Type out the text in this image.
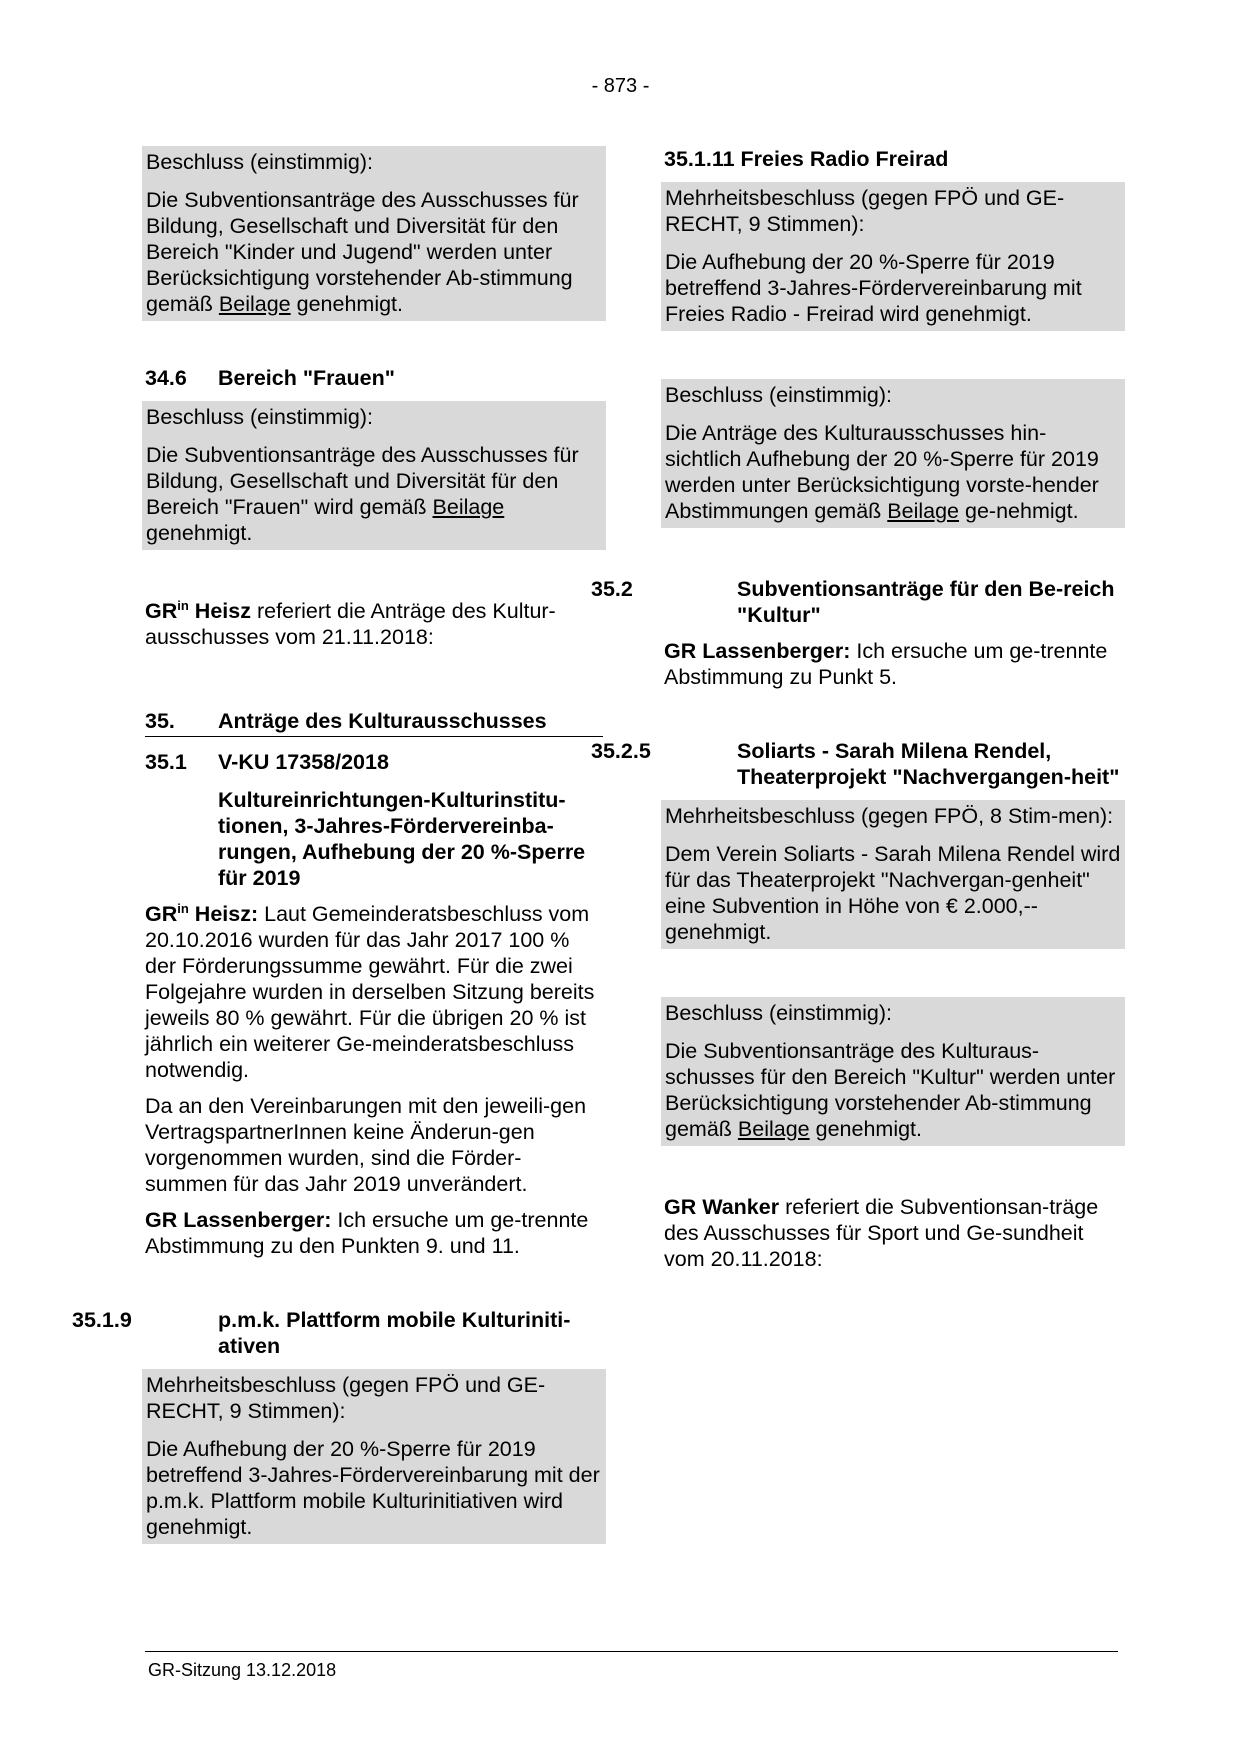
- 873 -
Beschluss (einstimmig):

Die Subventionsanträge des Ausschusses für Bildung, Gesellschaft und Diversität für den Bereich "Kinder und Jugend" werden unter Berücksichtigung vorstehender Ab-stimmung gemäß Beilage genehmigt.

34.6 Bereich "Frauen"
Beschluss (einstimmig):

Die Subventionsanträge des Ausschusses für Bildung, Gesellschaft und Diversität für den Bereich "Frauen" wird gemäß Beilage genehmigt.

$GR^{in}$ Heisz referiert die Anträge des Kultur-ausschusses vom 21.11.2018:

35. Anträge des Kulturausschusses
35.1 V-KU 17358/2018

Kultureinrichtungen-Kulturinstitu-tionen, 3-Jahres-Fördervereinba-rungen, Aufhebung der 20 %-Sperre für 2019

$GR^{in}$ Heisz: Laut Gemeinderatsbeschluss vom 20.10.2016 wurden für das Jahr 2017 100 % der Förderungssumme gewährt. Für die zwei Folgejahre wurden in derselben Sitzung bereits jeweils 80 % gewährt. Für die übrigen 20 % ist jährlich ein weiterer Ge-meinderatsbeschluss notwendig.

Da an den Vereinbarungen mit den jeweili-gen VertragspartnerInnen keine Änderun-gen vorgenommen wurden, sind die Förder-summen für das Jahr 2019 unverändert.

GR Lassenberger: Ich ersuche um ge-trennte Abstimmung zu den Punkten 9. und 11.

35.1.9	p.m.k. Plattform mobile Kulturiniti-ativen
Mehrheitsbeschluss (gegen FPÖ und GE-RECHT, 9 Stimmen):

Die Aufhebung der 20 %-Sperre für 2019 betreffend 3-Jahres-Fördervereinbarung mit der p.m.k. Plattform mobile Kulturinitiativen wird genehmigt.

35.1.11 Freies Radio Freirad
Mehrheitsbeschluss (gegen FPÖ und GE-RECHT, 9 Stimmen):

Die Aufhebung der 20 %-Sperre für 2019 betreffend 3-Jahres-Fördervereinbarung mit Freies Radio - Freirad wird genehmigt.

Beschluss (einstimmig):

Die Anträge des Kulturausschusses hin-sichtlich Aufhebung der 20 %-Sperre für 2019 werden unter Berücksichtigung vorste-hender Abstimmungen gemäß Beilage ge-nehmigt.

35.2	Subventionsanträge für den Be-reich "Kultur"

GR Lassenberger: Ich ersuche um ge-trennte Abstimmung zu Punkt 5.

35.2.5	Soliarts - Sarah Milena Rendel, Theaterprojekt "Nachvergangen-heit"
Mehrheitsbeschluss (gegen FPÖ, 8 Stim-men):

Dem Verein Soliarts - Sarah Milena Rendel wird für das Theaterprojekt "Nachvergan-genheit" eine Subvention in Höhe von € 2.000,-- genehmigt.

Beschluss (einstimmig):

Die Subventionsanträge des Kulturaus-schusses für den Bereich "Kultur" werden unter Berücksichtigung vorstehender Ab-stimmung gemäß Beilage genehmigt.

GR Wanker referiert die Subventionsan-träge des Ausschusses für Sport und Ge-sundheit vom 20.11.2018:

GR-Sitzung 13.12.2018
